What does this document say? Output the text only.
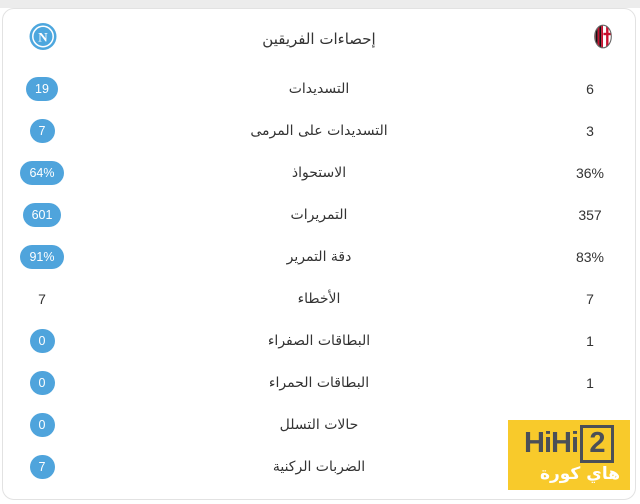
N	إحصاءات الفريقين
19	التسديدات	6
7	التسديدات على المرمى	3
64%	الاستحواذ	36%
601	التمريرات	357
91%	دقة التمرير	83%
7	الأخطاء	7
0	البطاقات الصفراء	1
0	البطاقات الحمراء	1
0	حالات التسلل
7	الضربات الركنية
HiHi 2
هاي كورة
